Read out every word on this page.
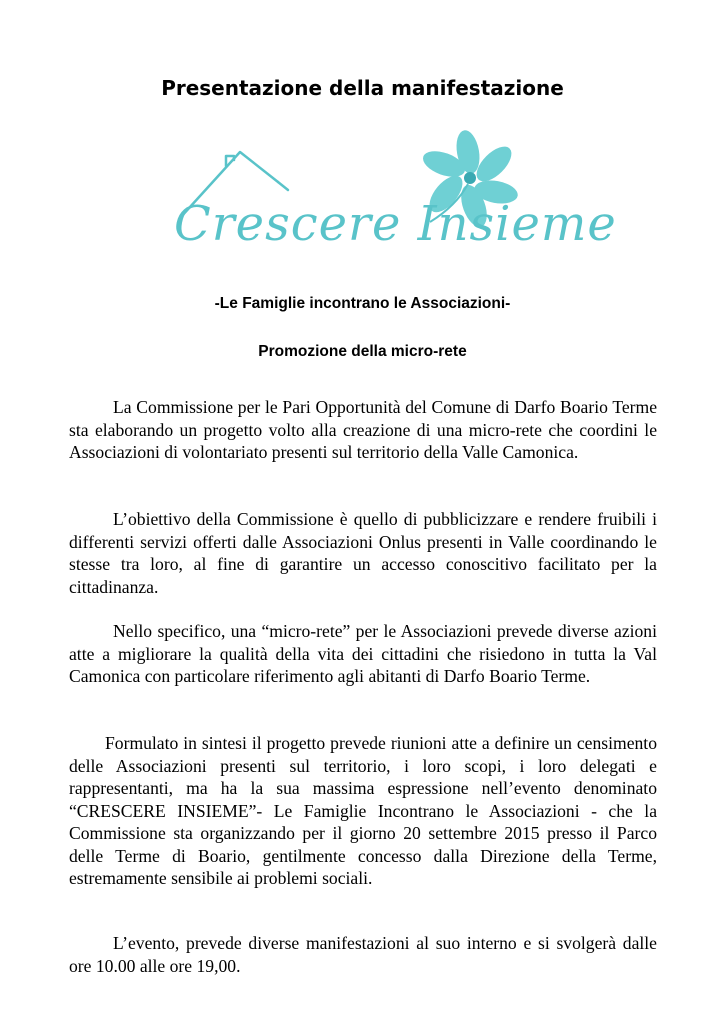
Presentazione della manifestazione
Crescere Insieme
-Le Famiglie incontrano le Associazioni-
Promozione della micro-rete

La Commissione per le Pari Opportunità del Comune di Darfo Boario Terme sta elaborando un progetto volto alla creazione di una micro-rete che coordini le Associazioni di volontariato presenti sul territorio della Valle Camonica.

L’obiettivo della Commissione è quello di pubblicizzare e rendere fruibili i differenti servizi offerti dalle Associazioni Onlus presenti in Valle coordinando le stesse tra loro, al fine di garantire un accesso conoscitivo facilitato per la cittadinanza.

Nello specifico, una “micro-rete” per le Associazioni prevede diverse azioni atte a migliorare la qualità della vita dei cittadini che risiedono in tutta la Val Camonica con particolare riferimento agli abitanti di Darfo Boario Terme.

Formulato in sintesi il progetto prevede riunioni atte a definire un censimento delle Associazioni presenti sul territorio, i loro scopi, i loro delegati e rappresentanti, ma ha la sua massima espressione nell’evento denominato “CRESCERE INSIEME”- Le Famiglie Incontrano le Associazioni - che la Commissione sta organizzando per il giorno 20 settembre 2015 presso il Parco delle Terme di Boario, gentilmente concesso dalla Direzione della Terme, estremamente sensibile ai problemi sociali.

L’evento, prevede diverse manifestazioni al suo interno e si svolgerà dalle ore 10.00 alle ore 19,00.
